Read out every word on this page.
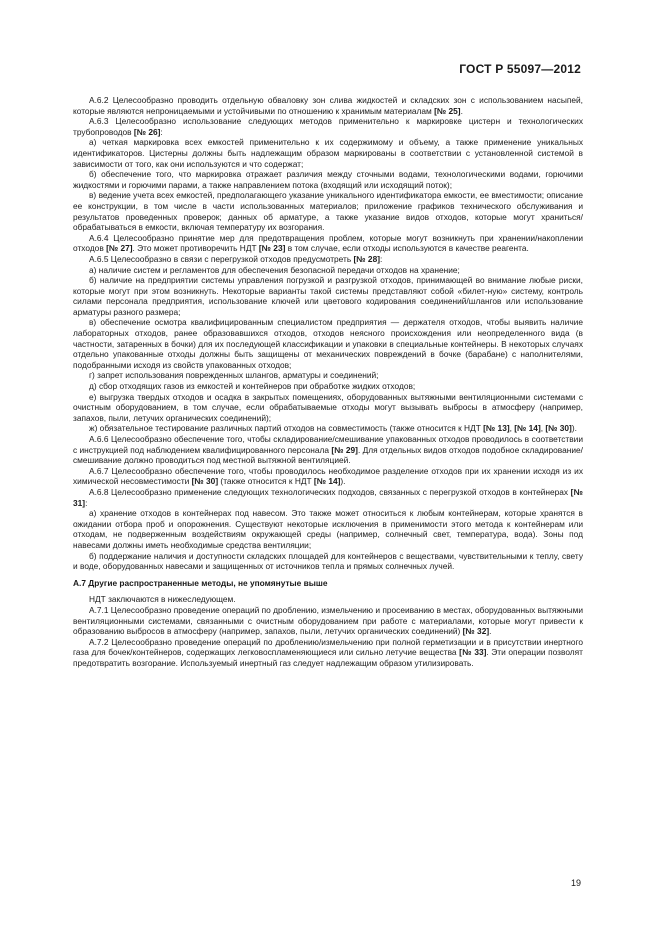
ГОСТ Р 55097—2012

А.6.2 Целесообразно проводить отдельную обваловку зон слива жидкостей и складских зон с использованием насыпей, которые являются непроницаемыми и устойчивыми по отношению к хранимым материалам [№ 25].

А.6.3 Целесообразно использование следующих методов применительно к маркировке цистерн и технологических трубопроводов [№ 26]:

а) четкая маркировка всех емкостей применительно к их содержимому и объему, а также применение уникальных идентификаторов. Цистерны должны быть надлежащим образом маркированы в соответствии с установленной системой в зависимости от того, как они используются и что содержат;

б) обеспечение того, что маркировка отражает различия между сточными водами, технологическими водами, горючими жидкостями и горючими парами, а также направлением потока (входящий или исходящий поток);

в) ведение учета всех емкостей, предполагающего указание уникального идентификатора емкости, ее вместимости; описание ее конструкции, в том числе в части использованных материалов; приложение графиков технического обслуживания и результатов проведенных проверок; данных об арматуре, а также указание видов отходов, которые могут храниться/обрабатываться в емкости, включая температуру их возгорания.

А.6.4 Целесообразно принятие мер для предотвращения проблем, которые могут возникнуть при хранении/накоплении отходов [№ 27]. Это может противоречить НДТ [№ 23] в том случае, если отходы используются в качестве реагента.

А.6.5 Целесообразно в связи с перегрузкой отходов предусмотреть [№ 28]:

а) наличие систем и регламентов для обеспечения безопасной передачи отходов на хранение;

б) наличие на предприятии системы управления погрузкой и разгрузкой отходов, принимающей во внимание любые риски, которые могут при этом возникнуть. Некоторые варианты такой системы представляют собой «билет-ную» систему, контроль силами персонала предприятия, использование ключей или цветового кодирования соединений/шлангов или использование арматуры разного размера;

в) обеспечение осмотра квалифицированным специалистом предприятия — держателя отходов, чтобы выявить наличие лабораторных отходов, ранее образовавшихся отходов, отходов неясного происхождения или неопределенного вида (в частности, затаренных в бочки) для их последующей классификации и упаковки в специальные контейнеры. В некоторых случаях отдельно упакованные отходы должны быть защищены от механических повреждений в бочке (барабане) с наполнителями, подобранными исходя из свойств упакованных отходов;

г) запрет использования поврежденных шлангов, арматуры и соединений;

д) сбор отходящих газов из емкостей и контейнеров при обработке жидких отходов;

е) выгрузка твердых отходов и осадка в закрытых помещениях, оборудованных вытяжными вентиляционными системами с очистным оборудованием, в том случае, если обрабатываемые отходы могут вызывать выбросы в атмосферу (например, запахов, пыли, летучих органических соединений);

ж) обязательное тестирование различных партий отходов на совместимость (также относится к НДТ [№ 13], [№ 14], [№ 30]).

А.6.6 Целесообразно обеспечение того, чтобы складирование/смешивание упакованных отходов проводилось в соответствии с инструкцией под наблюдением квалифицированного персонала [№ 29]. Для отдельных видов отходов подобное складирование/смешивание должно проводиться под местной вытяжной вентиляцией.

А.6.7 Целесообразно обеспечение того, чтобы проводилось необходимое разделение отходов при их хранении исходя из их химической несовместимости [№ 30] (также относится к НДТ [№ 14]).

А.6.8 Целесообразно применение следующих технологических подходов, связанных с перегрузкой отходов в контейнерах [№ 31]:

а) хранение отходов в контейнерах под навесом. Это также может относиться к любым контейнерам, которые хранятся в ожидании отбора проб и опорожнения. Существуют некоторые исключения в применимости этого метода к контейнерам или отходам, не подверженным воздействиям окружающей среды (например, солнечный свет, температура, вода). Зоны под навесами должны иметь необходимые средства вентиляции;

б) поддержание наличия и доступности складских площадей для контейнеров с веществами, чувствительными к теплу, свету и воде, оборудованных навесами и защищенных от источников тепла и прямых солнечных лучей.

А.7 Другие распространенные методы, не упомянутые выше

НДТ заключаются в нижеследующем.

А.7.1 Целесообразно проведение операций по дроблению, измельчению и просеиванию в местах, оборудованных вытяжными вентиляционными системами, связанными с очистным оборудованием при работе с материалами, которые могут привести к образованию выбросов в атмосферу (например, запахов, пыли, летучих органических соединений) [№ 32].

А.7.2 Целесообразно проведение операций по дроблению/измельчению при полной герметизации и в присутствии инертного газа для бочек/контейнеров, содержащих легковоспламеняющиеся или сильно летучие вещества [№ 33]. Эти операции позволят предотвратить возгорание. Используемый инертный газ следует надлежащим образом утилизировать.

19
